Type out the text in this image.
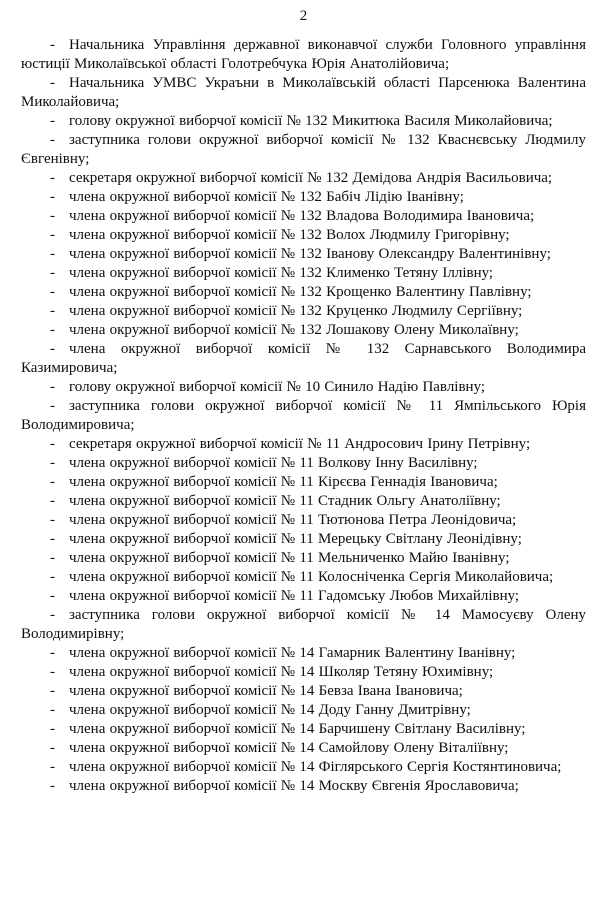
2

- Начальника Управління державної виконавчої служби Головного управління юстиції Миколаївської області Голотребчука Юрія Анатолійовича;

- Начальника УМВС Украъни в Миколаївській області Парсенюка Валентина Миколайовича;

- голову окружної виборчої комісії № 132 Микитюка Василя Миколайовича;

- заступника голови окружної виборчої комісії № 132 Кваснєвську Людмилу Євгенівну;

- секретаря окружної виборчої комісії № 132 Демідова Андрія Васильовича;

- члена окружної виборчої комісії № 132 Бабіч Лідію Іванівну;

- члена окружної виборчої комісії № 132 Владова Володимира Івановича;

- члена окружної виборчої комісії № 132 Волох Людмилу Григорівну;

- члена окружної виборчої комісії № 132 Іванову Олександру Валентинівну;

- члена окружної виборчої комісії № 132 Клименко Тетяну Іллівну;

- члена окружної виборчої комісії № 132 Крощенко Валентину Павлівну;

- члена окружної виборчої комісії № 132 Круценко Людмилу Сергіївну;

- члена окружної виборчої комісії № 132 Лошакову Олену Миколаївну;

- члена окружної виборчої комісії № 132 Сарнавського Володимира Казимировича;

- голову окружної виборчої комісії № 10 Синило Надію Павлівну;

- заступника голови окружної виборчої комісії № 11 Ямпільського Юрія Володимировича;

- секретаря окружної виборчої комісії № 11 Андросович Ірину Петрівну;

- члена окружної виборчої комісії № 11 Волкову Інну Василівну;

- члена окружної виборчої комісії № 11 Кірєєва Геннадія Івановича;

- члена окружної виборчої комісії № 11 Стадник Ольгу Анатоліївну;

- члена окружної виборчої комісії № 11 Тютюнова Петра Леонідовича;

- члена окружної виборчої комісії № 11 Мерецьку Світлану Леонідівну;

- члена окружної виборчої комісії № 11 Мельниченко Майю Іванівну;

- члена окружної виборчої комісії № 11 Колосніченка Сергія Миколайовича;

- члена окружної виборчої комісії № 11 Гадомську Любов Михайлівну;

- заступника голови окружної виборчої комісії № 14 Мамосуєву Олену Володимирівну;

- члена окружної виборчої комісії № 14 Гамарник Валентину Іванівну;

- члена окружної виборчої комісії № 14 Школяр Тетяну Юхимівну;

- члена окружної виборчої комісії № 14 Бевза Івана Івановича;

- члена окружної виборчої комісії № 14 Доду Ганну Дмитрівну;

- члена окружної виборчої комісії № 14 Барчишену Світлану Василівну;

- члена окружної виборчої комісії № 14 Самойлову Олену Віталіївну;

- члена окружної виборчої комісії № 14 Фіглярського Сергія Костянтиновича;

- члена окружної виборчої комісії № 14 Москву Євгенія Ярославовича;
